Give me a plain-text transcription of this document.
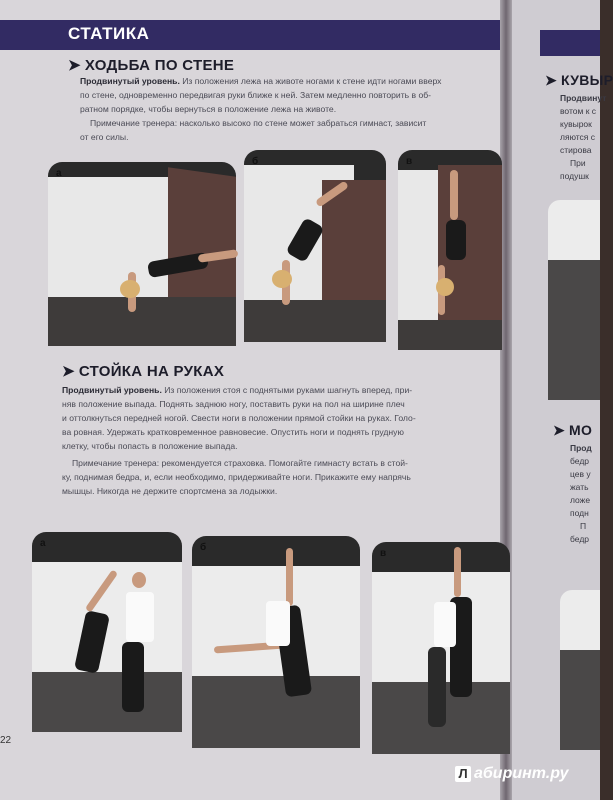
СТАТИКА
➤ ХОДЬБА ПО СТЕНЕ
Продвинутый уровень. Из положения лежа на животе ногами к стене идти ногами вверх
по стене, одновременно передвигая руки ближе к ней. Затем медленно повторить в об-
ратном порядке, чтобы вернуться в положение лежа на животе.
Примечание тренера: насколько высоко по стене может забраться гимнаст, зависит
от его силы.
а
б	в
➤ СТОЙКА НА РУКАХ
Продвинутый уровень. Из положения стоя с поднятыми руками шагнуть вперед, при-
няв положение выпада. Поднять заднюю ногу, поставить руки на пол на ширине плеч
и оттолкнуться передней ногой. Свести ноги в положении прямой стойки на руках. Голо-
ва ровная. Удержать кратковременное равновесие. Опустить ноги и поднять грудную
клетку, чтобы попасть в положение выпада.
Примечание тренера: рекомендуется страховка. Помогайте гимнасту встать в стой-
ку, поднимая бедра, и, если необходимо, придерживайте ноги. Прикажите ему напрячь
мышцы. Никогда не держите спортсмена за лодыжки.
а	б
в
➤ КУВЫР
Продвинут
вотом к с
кувырок
ляются с
стирова
При
подушк
➤ МО
Прод
бедр
цев у
жать
ложе
подн
П
бедр
22
Л абиринт.ру
